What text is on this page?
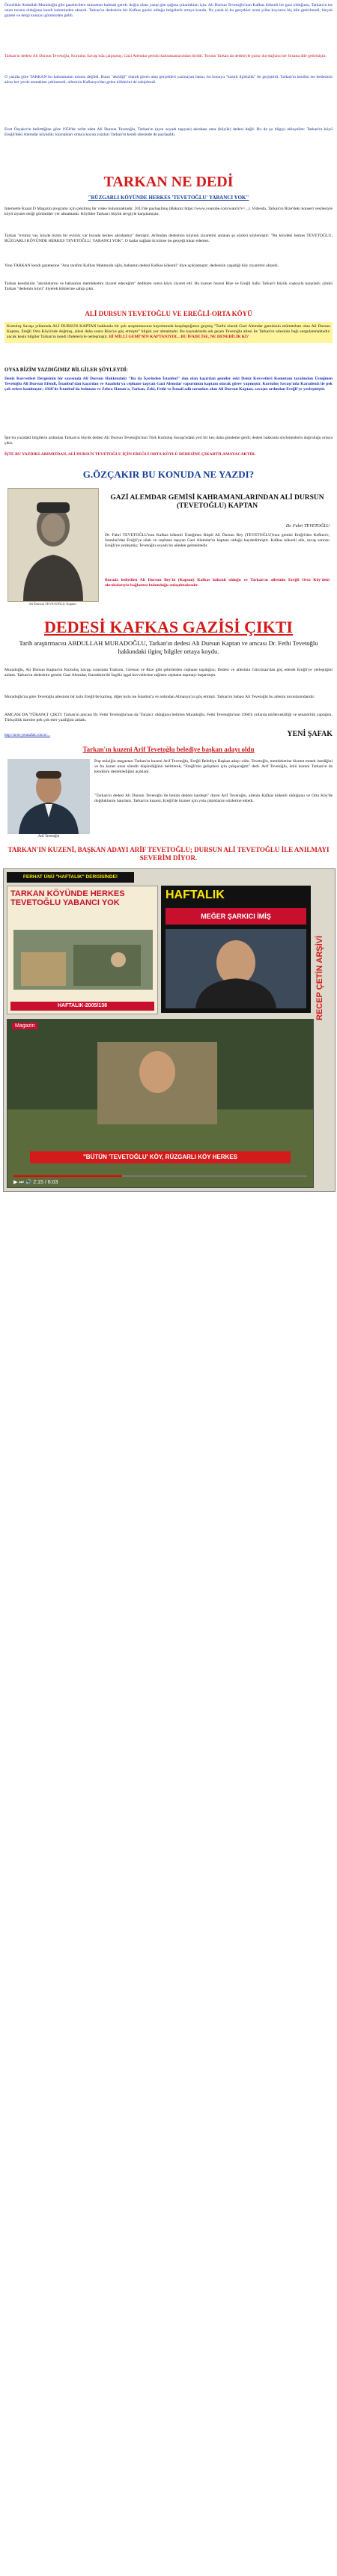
Öncelikle Abdullah Muradoğlu gibi gazetecilere minnettar kalmak gerek: doğru olanı yazıp gün ışığına çıkardıkları için. Ali Dursun Tevetoğlu'nun Kafkas kökenli bir gazi olduğunu, Tarkan'ın ise onun torunu olduğunu kendi kaleminden aktardı. Tarkan'ın dedesinin bir Kafkas gazisi olduğu belgelerle ortaya kondu. Ne yazık ki bu gerçekler uzun yıllar boyunca hiç dile getirilmedi; birçok gazete ve dergi konuyu görmezden geldi.

Tarkan'ın dedesi Ali Dursun Tevetoğlu, Kurtuluş Savaşı'nda çarpışmış; Gazi Alemdar gemisi kahramanlarından biridir. Torunu Tarkan da dedesiyle gurur duyduğunu her fırsatta dile getirmiştir.

O yazıda göre TARKAN bu kahramanın torunu değildi. Bunu "aksiliği" olarak gören ama gerçekleri yazmayan basın, bu konuyu "kasıtlı ilgisizlik" ile geçiştirdi. Tarkan'ın kendisi ise dedesinin adını her yerde anmaktan çekinmedi; ailesinin Kafkasya'dan gelen köklerini de sahiplendi.

Evet Özçakır'ın belirttiğine göre 1950'de vefat eden Ali Dursun Tevetoğlu, Tarkan'ın (aynı soyadı taşıyan) akrabası ama (büyük) dedesi değil. Bu da şu bilgiyi ekleyelim: Tarkan'ın köyü Ereğli'deki Alemdar köyüdür; kaynakları ortaya koyan yazıları Tarkan'ın kendi sitesinde de paylaşıldı.

TARKAN NE DEDİ
"RÜZGARLI KÖYÜNDE HERKES 'TEVETOĞLU' YABANCI YOK"

İnternette Kanal D Magazin programı için çekilmiş bir video bulunmaktadır. 2013'de paylaşılmış (Bakınız https://www.youtube.com/watch?v=...). Videoda, Tarkan'ın Rize'deki konseri vesilesiyle köyü ziyaret ettiği görüntüler yer almaktadır. Köylüler Tarkan'ı büyük sevgiyle karşılamıştır.

Tarkan "evimiz var, köyde bizim bir evimiz var burada herkes akrabamız" demiştir. Ardından dedesinin köyünü ziyaretini anlatan şu sözleri söylemiştir: "Bu köydeki herkes TEVETOĞLU; RÜZGARLI KÖYÜNDE HERKES TEVETOĞLU, YABANCI YOK". O kadar sağlam ki kimse bu gerçeği inkar edemez.

Yine TARKAN kendi gazetesine "Ana tarafım Kafkas Mahmudu oğlu, babamın dedesi Kafkas kökenli" diye açıklamıştır; dedesinin yaşadığı köy ziyaretini aktardı.

Tarkan kendisinin "akrabalarını ve babasının memleketini ziyaret edeceğim" dedikten sonra köyü ziyaret etti. Bu konser öncesi Rize ve Ereğli halkı Tarkan'ı büyük coşkuyla karşıladı; çünkü Tarkan "dedemin köyü" diyerek köklerine sahip çıktı.

ALİ DURSUN TEVETOĞLU VE EREĞLİ-ORTA KÖYÜ

Kurtuluş Savaşı yıllarında ALİ DURSUN KAPTAN hakkında bir çok araştırmacının kayıtlarında karşılaştığımız geçmiş "Tarihi olarak Gazi Alemdar gemisinin mürettebatı olan Ali Dursun Kaptan, Ereğli Orta Köyü'nde doğmuş, ailesi daha sonra Rize'ye göç etmiştir" bilgisi yer almaktadır. Bu kaynaklarda adı geçen Tevetoğlu ailesi ile Tarkan'ın ailesinin bağı sorgulanmaktadır; ancak kesin bilgiler Tarkan'ın kendi ifadeleriyle netleşmiştir. Bİ MİLLİ GEMİ'NİN KAPTANIYDI... BU İFADE İSE, NE DENEBİLİR Kİ?

OYSA BİZİM YAZDIĞIMIZ BİLGİLER ŞÖYLEYDİ:

Deniz Kuvvetleri Dergisinin bir sayısında Ali Dursun Hakkındaki "Bu da İçerinden İstanbul" dan olan kaçırılan gemiler eski Deniz Kuvvetleri Komutanı tarafından Üsteğmen Tevetoğlu Ali Dursun Efendi, İstanbul'dan kaçırılan ve Anadolu'ya cephane taşıyan Gazi Alemdar vapurunun kaptanı olarak görev yapmıştır. Kurtuluş Savaşı'nda Karadeniz'de pek çok sefere katılmıştır; 1920'de İstanbul'da bulunan ve Zehra Hanım'a, Tarkan, Zeki, Fethi ve İsmail adlı torunları olan Ali Dursun Kaptan, savaşın ardından Ereğli'ye yerleşmiştir.

İşte bu yazıdaki bilgilerin ardından Tarkan'ın büyük dedesi Ali Dursun Tevetoğlu'nun Türk Kurtuluş Savaşı'ndaki yeri bir kez daha gündeme geldi; dedesi hakkında söylenenlerin doğruluğu ortaya çıktı.

İŞTE BU YAZDIKLARIMIZDAN, ALİ DURSUN TEVETOĞLU İÇİN EREĞLİ ORTA KÖYLÜ DEDESİNE ÇIKARTILAMAYACAKTIR.

G.ÖZÇAKIR BU KONUDA NE YAZDI?
Ali Dursun TEVETOĞLU Kaptan
GAZİ ALEMDAR GEMİSİ KAHRAMANLARINDAN ALİ DURSUN (TEVETOĞLU) KAPTAN
Dr. Fahri TEVETOĞLU

Dr. Fahri TEVETOĞLU'nun Kafkas kökenli Üsteğmen Rüştü Ali Dursun Bey (TEVETOĞLU)'nun gemisi Ereğli'den Kefken'e, İstanbul'dan Ereğli'ye silah ve cephane taşıyan Gazi Alemdar'ın kaptanı olduğu kaydedilmiştir. Kafkas kökenli aile, savaş sonrası Ereğli'ye yerleşmiş; Tevetoğlu soyadı bu aileden gelmektedir.

Burada belirtilen Ali Dursun Bey'in (Kaptan) Kafkas kökenli olduğu ve Tarkan'ın ailesinin Ereğli Orta Köy'deki akrabalarıyla bağlantısı bulunduğu anlaşılmaktadır.

DEDESİ KAFKAS GAZİSİ ÇIKTI
Tarih araştırmacısı ABDULLAH MURADOĞLU, Tarkan'ın dedesi Ali Dursun Kaptan ve amcası Dr. Fethi Tevetoğlu hakkındaki ilginç bilgiler ortaya koydu.

Muradoğlu, Ali Dursun Kaptan'ın Kurtuluş Savaşı sırasında Trabzon, Giresun ve Rize gibi şehirlerden cephane taşıdığını; Dedesi ve ailesinin Gürcistan'dan göç ederek Ereğli'ye yerleştiğini anlattı. Tarkan'ın dedesinin gemisi Gazi Alemdar, Karadeniz'de İngiliz işgal kuvvetlerine rağmen cephane taşımayı başarmıştı.

Muradoğlu'na göre Tevetoğlu ailesinin bir kolu Ereğli'de kalmış, diğer kolu ise İstanbul'a ve ardından Almanya'ya göç etmişti. Tarkan'ın babası Ali Tevetoğlu bu ailenin torunlarındandır.

AMCASI DA 'TÜRANCI' ÇIKTI: Tarkan'ın amcası Dr. Fethi Tevetoğlu'nun da 'Turancı' olduğunu belirten Muradoğlu, Fethi Tevetoğlu'nun 1960'lı yıllarda milletvekilliği ve senatörlük yaptığını, Türkçülük üzerine pek çok eser yazdığını anlattı.

http://arsiv.yenisafak.com.tr/...	YENİ ŞAFAK
Tarkan'ın kuzeni Arif Tevetoğlu belediye başkan adayı oldu
Arif Tevetoğlu

Pop müziğin megastarı Tarkan'ın kuzeni Arif Tevetoğlu, Ereğli Belediye Başkan adayı oldu. Tevetoğlu, memleketine hizmet etmek istediğini ve bu kararı uzun süredir düşündüğünü belirterek, "Ereğli'nin gelişmesi için çalışacağım" dedi. Arif Tevetoğlu, ünlü kuzeni Tarkan'ın da kendisini desteklediğini açıkladı.

"Tarkan'ın dedesi Ali Dursun Tevetoğlu ile benim dedem kardeşti" diyen Arif Tevetoğlu, ailenin Kafkas kökenli olduğunu ve Orta Köy'de doğduklarını hatırlattı. Tarkan'ın kuzeni, Ereğli'de hizmet için yola çıktıklarını sözlerine ekledi.

TARKAN'IN KUZENİ, BAŞKAN ADAYI ARİF TEVETOĞLU; DURSUN ALİ TEVETOĞLU İLE ANILMAYI SEVERİM DİYOR.
FERHAT ÜNÜ "HAFTALIK" DERGİSİNDE!
TARKAN KÖYÜNDE HERKES TEVETOĞLU YABANCI YOK
HAFTALIK-2005/138
HAFTALIK
MEĞER ŞARKICI İMİŞ
RECEP ÇETİN ARŞİVİ
Magazin
"BÜTÜN 'TEVETOĞLU' KÖY, RÜZGARLI KÖY HERKES
▶ ⏭ 🔊 2:15 / 6:03
